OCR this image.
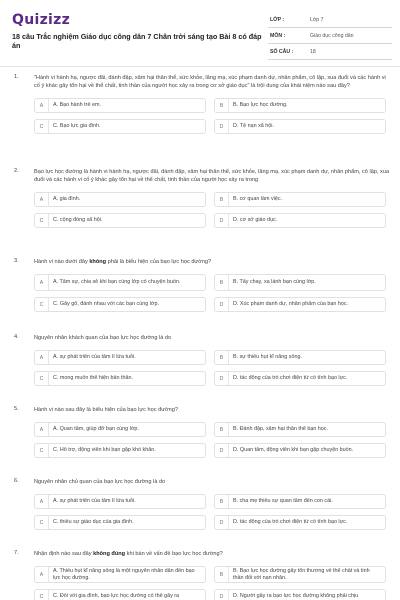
Quizizz
18 câu Trắc nghiệm Giáo dục công dân 7 Chân trời sáng tạo Bài 8 có đáp án
LỚP :	Lớp 7
MÔN :	Giáo dục công dân
SỐ CÂU :	18
1.	"Hành vi hành hạ, ngược đãi, đánh đập, xâm hại thân thể, sức khỏe, lăng mạ, xúc phạm danh dự, nhân phẩm, cô lập, xua đuổi và các hành vi cố ý khác gây tổn hại về thể chất, tinh thần của người học xảy ra trong cơ sở giáo dục" là trội dung của khái niệm nào sau đây?
A	A. Bạo hành trẻ em.	B	B. Bạo lực học đường.
C	C. Bạo lực gia đình.	D	D. Tệ nạn xã hội.
2.	Bạo lực học đường là hành vi hành hạ, ngược đãi, đánh đập, xâm hại thân thể, sức khỏe, lăng mạ, xúc phạm danh dự, nhân phẩm, cô lập, xua đuổi và các hành vi cố ý khác gây tổn hại về thể chất, tinh thần của người học xảy ra trong
A	A. gia đình.	B	B. cơ quan làm việc.
C	C. cộng đồng xã hội.	D	D. cơ sở giáo dục.
3.	Hành vi nào dưới đây không phải là biểu hiện của bạo lực học đường?
A	A. Tâm sự, chia sẻ khi bạn cùng lớp có chuyện buồn.	B	B. Tẩy chay, xa lánh bạn cùng lớp.
C	C. Gây gổ, đánh nhau với các bạn cùng lớp.	D	D. Xúc phạm danh dự, nhân phẩm của bạn học.
4.	Nguyên nhân khách quan của bạo lực học đường là do
A	A. sự phát triển của tâm lí lứa tuổi.	B	B. sự thiếu hụt kĩ năng sống.
C	C. mong muốn thể hiện bản thân.	D	D. tác động của trò chơi điện tử có tính bạo lực.
5.	Hành vi nào sau đây là biểu hiện của bạo lực học đường?
A	A. Quan tâm, giúp đỡ bạn cùng lớp.	B	B. Đánh đập, xâm hại thân thể bạn học.
C	C. Hỗ trợ, động viên khi bạn gặp khó khăn.	D	D. Quan tâm, động viên khi bạn gặp chuyện buồn.
6.	Nguyên nhân chủ quan của bạo lực học đường là do
A	A. sự phát triển của tâm lí lứa tuổi.	B	B. cha mẹ thiếu sự quan tâm đến con cái.
C	C. thiếu sự giáo dục của gia đình.	D	D. tác động của trò chơi điện tử có tính bạo lực.
7.	Nhận định nào sau đây không đúng khi bàn về vấn đề bạo lực học đường?
A
A. Thiếu hụt kĩ năng sống là một nguyên nhân dẫn đến bạo lực học đường.	B
B. Bạo lực học đường gây tổn thương về thể chất và tinh thần đối với nạn nhân.
C	C. Đối với gia đình, bạo lực học đường có thể gây ra	D	D. Người gây ra bạo lực học đường không phải chịu
